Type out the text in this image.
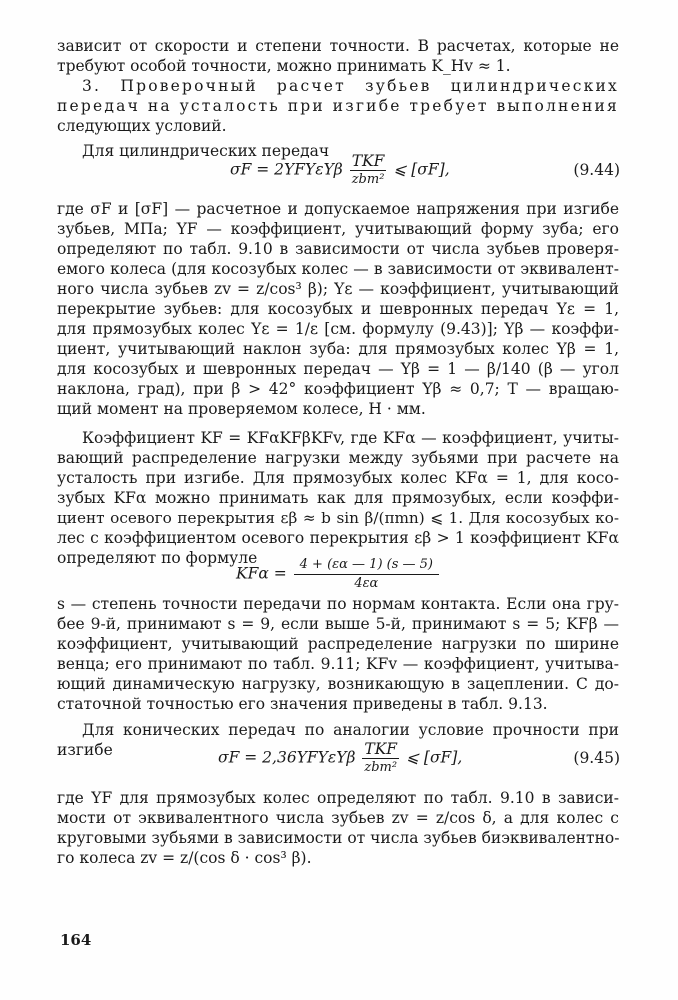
зависит от скорости и степени точности. В расчетах, которые не
требуют особой точности, можно принимать K_Hv ≈ 1.
3. Проверочный расчет зубьев цилиндрических
передач на усталость при изгибе требует выполнения
следующих условий.
Для цилиндрических передач
$\sigma F = 2YFY\varepsilon Y\beta \frac{\text{TKF}}{\text{zbm²}}$ ⩽ [σF],	(9.44)
где σF и [σF] — расчетное и допускаемое напряжения при изгибе
зубьев, МПа; YF — коэффициент, учитывающий форму зуба; его
определяют по табл. 9.10 в зависимости от числа зубьев проверя-
емого колеса (для косозубых колес — в зависимости от эквивалент-
ного числа зубьев zv = z/cos³ β); Yε — коэффициент, учитывающий
перекрытие зубьев: для косозубых и шевронных передач Yε = 1,
для прямозубых колес Yε = 1/ε [см. формулу (9.43)]; Yβ — коэффи-
циент, учитывающий наклон зуба: для прямозубых колес Yβ = 1,
для косозубых и шевронных передач — Yβ = 1 — β/140 (β — угол
наклона, град), при β > 42° коэффициент Yβ ≈ 0,7; T — вращаю-
щий момент на проверяемом колесе, Н · мм.
Коэффициент KF = KFαKFβKFv, где KFα — коэффициент, учиты-
вающий распределение нагрузки между зубьями при расчете на
усталость при изгибе. Для прямозубых колес KFα = 1, для косо-
зубых KFα можно принимать как для прямозубых, если коэффи-
циент осевого перекрытия εβ ≈ b sin β/(πmn) ⩽ 1. Для косозубых ко-
лес с коэффициентом осевого перекрытия εβ > 1 коэффициент KFα
определяют по формуле
$KF\alpha = \frac{4 + (\varepsilon\alpha — 1) (s — 5)}{4\varepsilon\alpha}$
s — степень точности передачи по нормам контакта. Если она гру-
бее 9-й, принимают s = 9, если выше 5-й, принимают s = 5; KFβ —
коэффициент, учитывающий распределение нагрузки по ширине
венца; его принимают по табл. 9.11; KFv — коэффициент, учитыва-
ющий динамическую нагрузку, возникающую в зацеплении. С до-
статочной точностью его значения приведены в табл. 9.13.
Для конических передач по аналогии условие прочности при
изгибе	$\sigma F = 2,36YFY\varepsilon Y\beta \frac{\text{TKF}}{\text{zbm²}}$ ⩽ [σF],	(9.45)
где YF для прямозубых колес определяют по табл. 9.10 в зависи-
мости от эквивалентного числа зубьев zv = z/cos δ, а для колес с
круговыми зубьями в зависимости от числа зубьев биэквивалентно-
го колеса zv = z/(cos δ · cos³ β).
164
